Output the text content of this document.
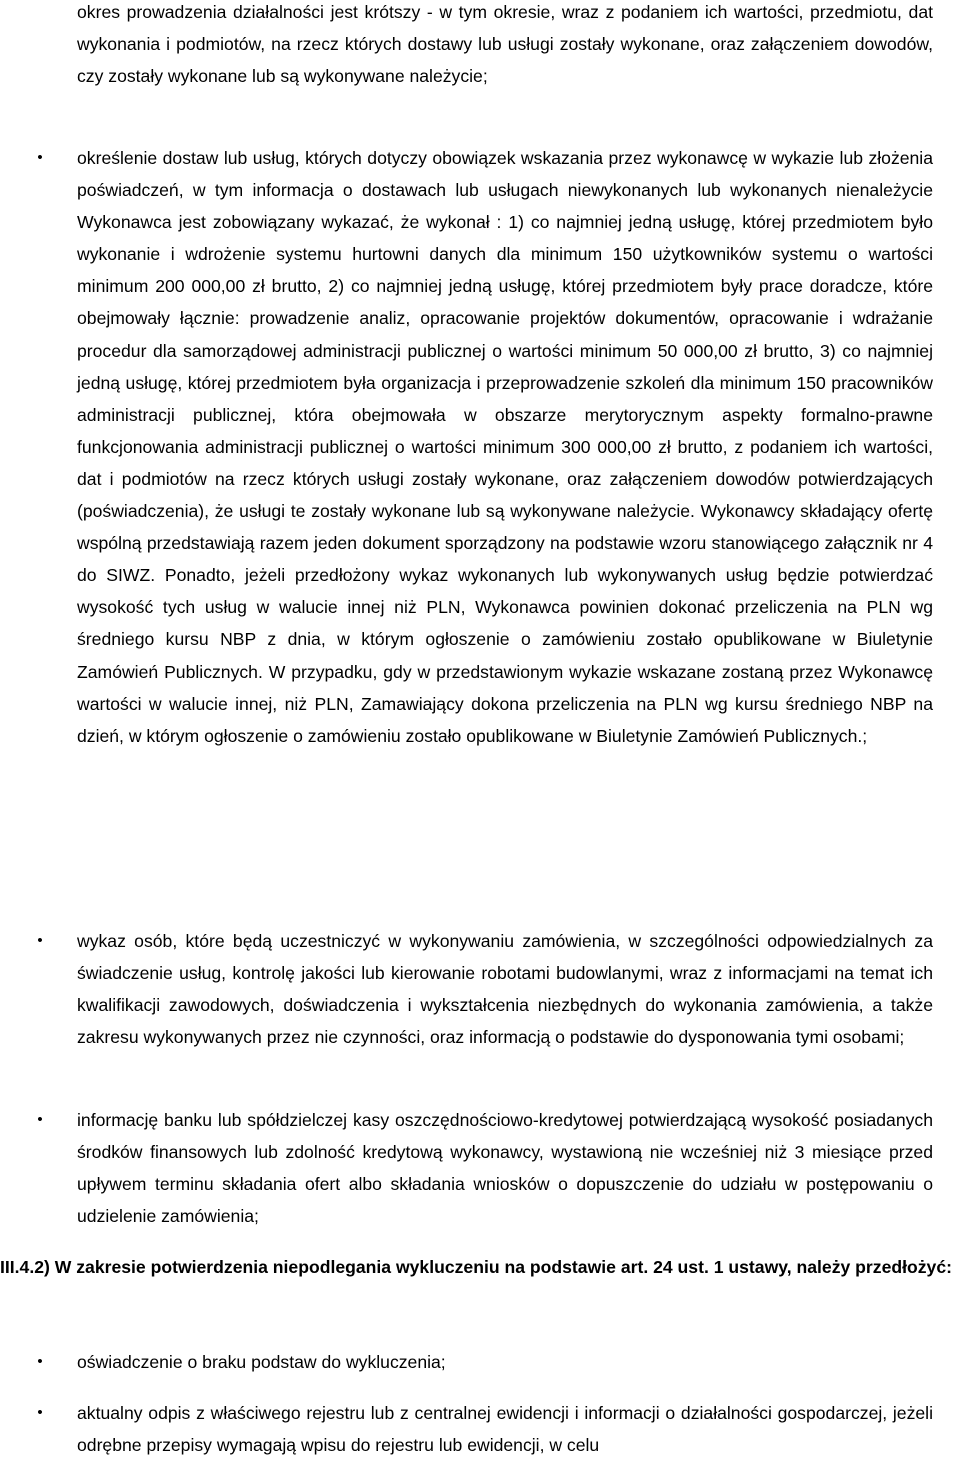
okres prowadzenia działalności jest krótszy - w tym okresie, wraz z podaniem ich wartości, przedmiotu, dat wykonania i podmiotów, na rzecz których dostawy lub usługi zostały wykonane, oraz załączeniem dowodów, czy zostały wykonane lub są wykonywane należycie;
•	określenie dostaw lub usług, których dotyczy obowiązek wskazania przez wykonawcę w wykazie lub złożenia poświadczeń, w tym informacja o dostawach lub usługach niewykonanych lub wykonanych nienależycie Wykonawca jest zobowiązany wykazać, że wykonał : 1) co najmniej jedną usługę, której przedmiotem było wykonanie i wdrożenie systemu hurtowni danych dla minimum 150 użytkowników systemu o wartości minimum 200 000,00 zł brutto, 2) co najmniej jedną usługę, której przedmiotem były prace doradcze, które obejmowały łącznie: prowadzenie analiz, opracowanie projektów dokumentów, opracowanie i wdrażanie procedur dla samorządowej administracji publicznej o wartości minimum 50 000,00 zł brutto, 3) co najmniej jedną usługę, której przedmiotem była organizacja i przeprowadzenie szkoleń dla minimum 150 pracowników administracji publicznej, która obejmowała w obszarze merytorycznym aspekty formalno-prawne funkcjonowania administracji publicznej o wartości minimum 300 000,00 zł brutto, z podaniem ich wartości, dat i podmiotów na rzecz których usługi zostały wykonane, oraz załączeniem dowodów potwierdzających (poświadczenia), że usługi te zostały wykonane lub są wykonywane należycie. Wykonawcy składający ofertę wspólną przedstawiają razem jeden dokument sporządzony na podstawie wzoru stanowiącego załącznik nr 4 do SIWZ. Ponadto, jeżeli przedłożony wykaz wykonanych lub wykonywanych usług będzie potwierdzać wysokość tych usług w walucie innej niż PLN, Wykonawca powinien dokonać przeliczenia na PLN wg średniego kursu NBP z dnia, w którym ogłoszenie o zamówieniu zostało opublikowane w Biuletynie Zamówień Publicznych. W przypadku, gdy w przedstawionym wykazie wskazane zostaną przez Wykonawcę wartości w walucie innej, niż PLN, Zamawiający dokona przeliczenia na PLN wg kursu średniego NBP na dzień, w którym ogłoszenie o zamówieniu zostało opublikowane w Biuletynie Zamówień Publicznych.;
•	wykaz osób, które będą uczestniczyć w wykonywaniu zamówienia, w szczególności odpowiedzialnych za świadczenie usług, kontrolę jakości lub kierowanie robotami budowlanymi, wraz z informacjami na temat ich kwalifikacji zawodowych, doświadczenia i wykształcenia niezbędnych do wykonania zamówienia, a także zakresu wykonywanych przez nie czynności, oraz informacją o podstawie do dysponowania tymi osobami;
•	informację banku lub spółdzielczej kasy oszczędnościowo-kredytowej potwierdzającą wysokość posiadanych środków finansowych lub zdolność kredytową wykonawcy, wystawioną nie wcześniej niż 3 miesiące przed upływem terminu składania ofert albo składania wniosków o dopuszczenie do udziału w postępowaniu o udzielenie zamówienia;
III.4.2) W zakresie potwierdzenia niepodlegania wykluczeniu na podstawie art. 24 ust. 1 ustawy, należy przedłożyć:
•	oświadczenie o braku podstaw do wykluczenia;
•	aktualny odpis z właściwego rejestru lub z centralnej ewidencji i informacji o działalności gospodarczej, jeżeli odrębne przepisy wymagają wpisu do rejestru lub ewidencji, w celu
